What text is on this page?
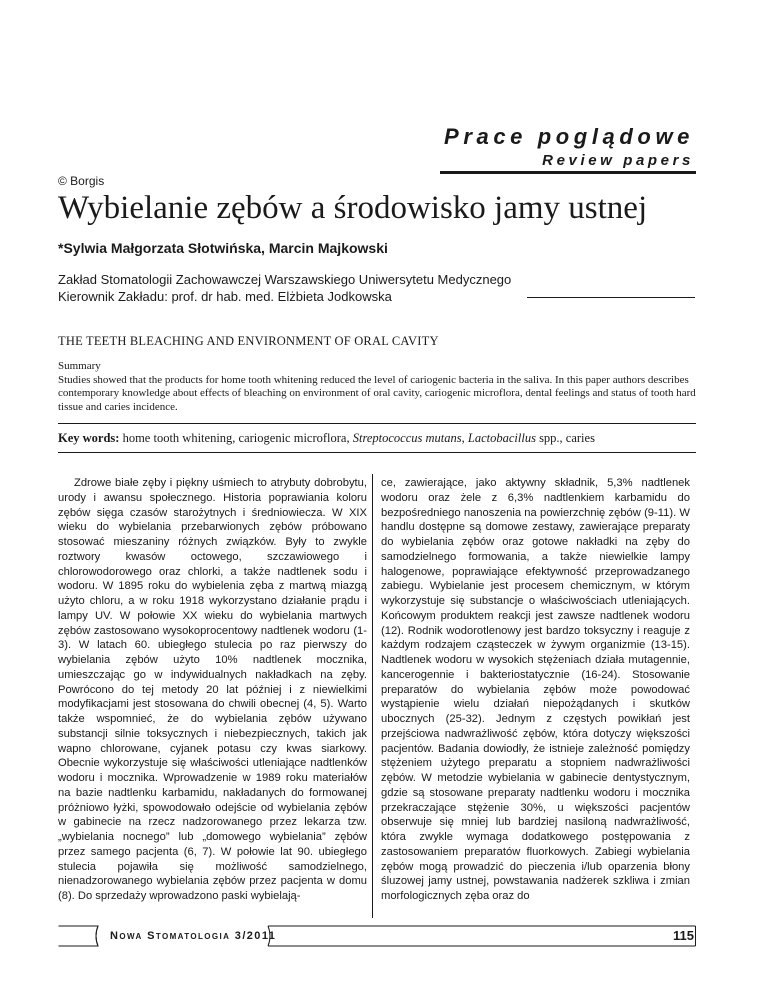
Prace poglądowe
Review papers
© Borgis
Wybielanie zębów a środowisko jamy ustnej
*Sylwia Małgorzata Słotwińska, Marcin Majkowski
Zakład Stomatologii Zachowawczej Warszawskiego Uniwersytetu Medycznego
Kierownik Zakładu: prof. dr hab. med. Elżbieta Jodkowska
THE TEETH BLEACHING AND ENVIRONMENT OF ORAL CAVITY
Summary
Studies showed that the products for home tooth whitening reduced the level of cariogenic bacteria in the saliva. In this paper authors describes contemporary knowledge about effects of bleaching on environment of oral cavity, cariogenic microflora, dental feelings and status of tooth hard tissue and caries incidence.
Key words: home tooth whitening, cariogenic microflora, Streptococcus mutans, Lactobacillus spp., caries

Zdrowe białe zęby i piękny uśmiech to atrybuty dobrobytu, urody i awansu społecznego. Historia poprawiania koloru zębów sięga czasów starożytnych i średniowiecza. W XIX wieku do wybielania przebarwionych zębów próbowano stosować mieszaniny różnych związków. Były to zwykle roztwory kwasów octowego, szczawiowego i chlorowodorowego oraz chlorki, a także nadtlenek sodu i wodoru. W 1895 roku do wybielenia zęba z martwą miazgą użyto chloru, a w roku 1918 wykorzystano działanie prądu i lampy UV. W połowie XX wieku do wybielania martwych zębów zastosowano wysokoprocentowy nadtlenek wodoru (1-3). W latach 60. ubiegłego stulecia po raz pierwszy do wybielania zębów użyto 10% nadtlenek mocznika, umieszczając go w indywidualnych nakładkach na zęby. Powrócono do tej metody 20 lat później i z niewielkimi modyfikacjami jest stosowana do chwili obecnej (4, 5). Warto także wspomnieć, że do wybielania zębów używano substancji silnie toksycznych i niebezpiecznych, takich jak wapno chlorowane, cyjanek potasu czy kwas siarkowy. Obecnie wykorzystuje się właściwości utleniające nadtlenków wodoru i mocznika. Wprowadzenie w 1989 roku materiałów na bazie nadtlenku karbamidu, nakładanych do formowanej próżniowo łyżki, spowodowało odejście od wybielania zębów w gabinecie na rzecz nadzorowanego przez lekarza tzw. „wybielania nocnego” lub „domowego wybielania” zębów przez samego pacjenta (6, 7). W połowie lat 90. ubiegłego stulecia pojawiła się możliwość samodzielnego, nienadzorowanego wybielania zębów przez pacjenta w domu (8). Do sprzedaży wprowadzono paski wybielają-

ce, zawierające, jako aktywny składnik, 5,3% nadtlenek wodoru oraz żele z 6,3% nadtlenkiem karbamidu do bezpośredniego nanoszenia na powierzchnię zębów (9-11). W handlu dostępne są domowe zestawy, zawierające preparaty do wybielania zębów oraz gotowe nakładki na zęby do samodzielnego formowania, a także niewielkie lampy halogenowe, poprawiające efektywność przeprowadzanego zabiegu. Wybielanie jest procesem chemicznym, w którym wykorzystuje się substancje o właściwościach utleniających. Końcowym produktem reakcji jest zawsze nadtlenek wodoru (12). Rodnik wodorotlenowy jest bardzo toksyczny i reaguje z każdym rodzajem cząsteczek w żywym organizmie (13-15). Nadtlenek wodoru w wysokich stężeniach działa mutagennie, kancerogennie i bakteriostatycznie (16-24). Stosowanie preparatów do wybielania zębów może powodować wystąpienie wielu działań niepożądanych i skutków ubocznych (25-32). Jednym z częstych powikłań jest przejściowa nadwrażliwość zębów, która dotyczy większości pacjentów. Badania dowiodły, że istnieje zależność pomiędzy stężeniem użytego preparatu a stopniem nadwrażliwości zębów. W metodzie wybielania w gabinecie dentystycznym, gdzie są stosowane preparaty nadtlenku wodoru i mocznika przekraczające stężenie 30%, u większości pacjentów obserwuje się mniej lub bardziej nasiloną nadwrażliwość, która zwykle wymaga dodatkowego postępowania z zastosowaniem preparatów fluorkowych. Zabiegi wybielania zębów mogą prowadzić do pieczenia i/lub oparzenia błony śluzowej jamy ustnej, powstawania nadżerek szkliwa i zmian morfologicznych zęba oraz do

Nowa Stomatologia 3/2011	115
